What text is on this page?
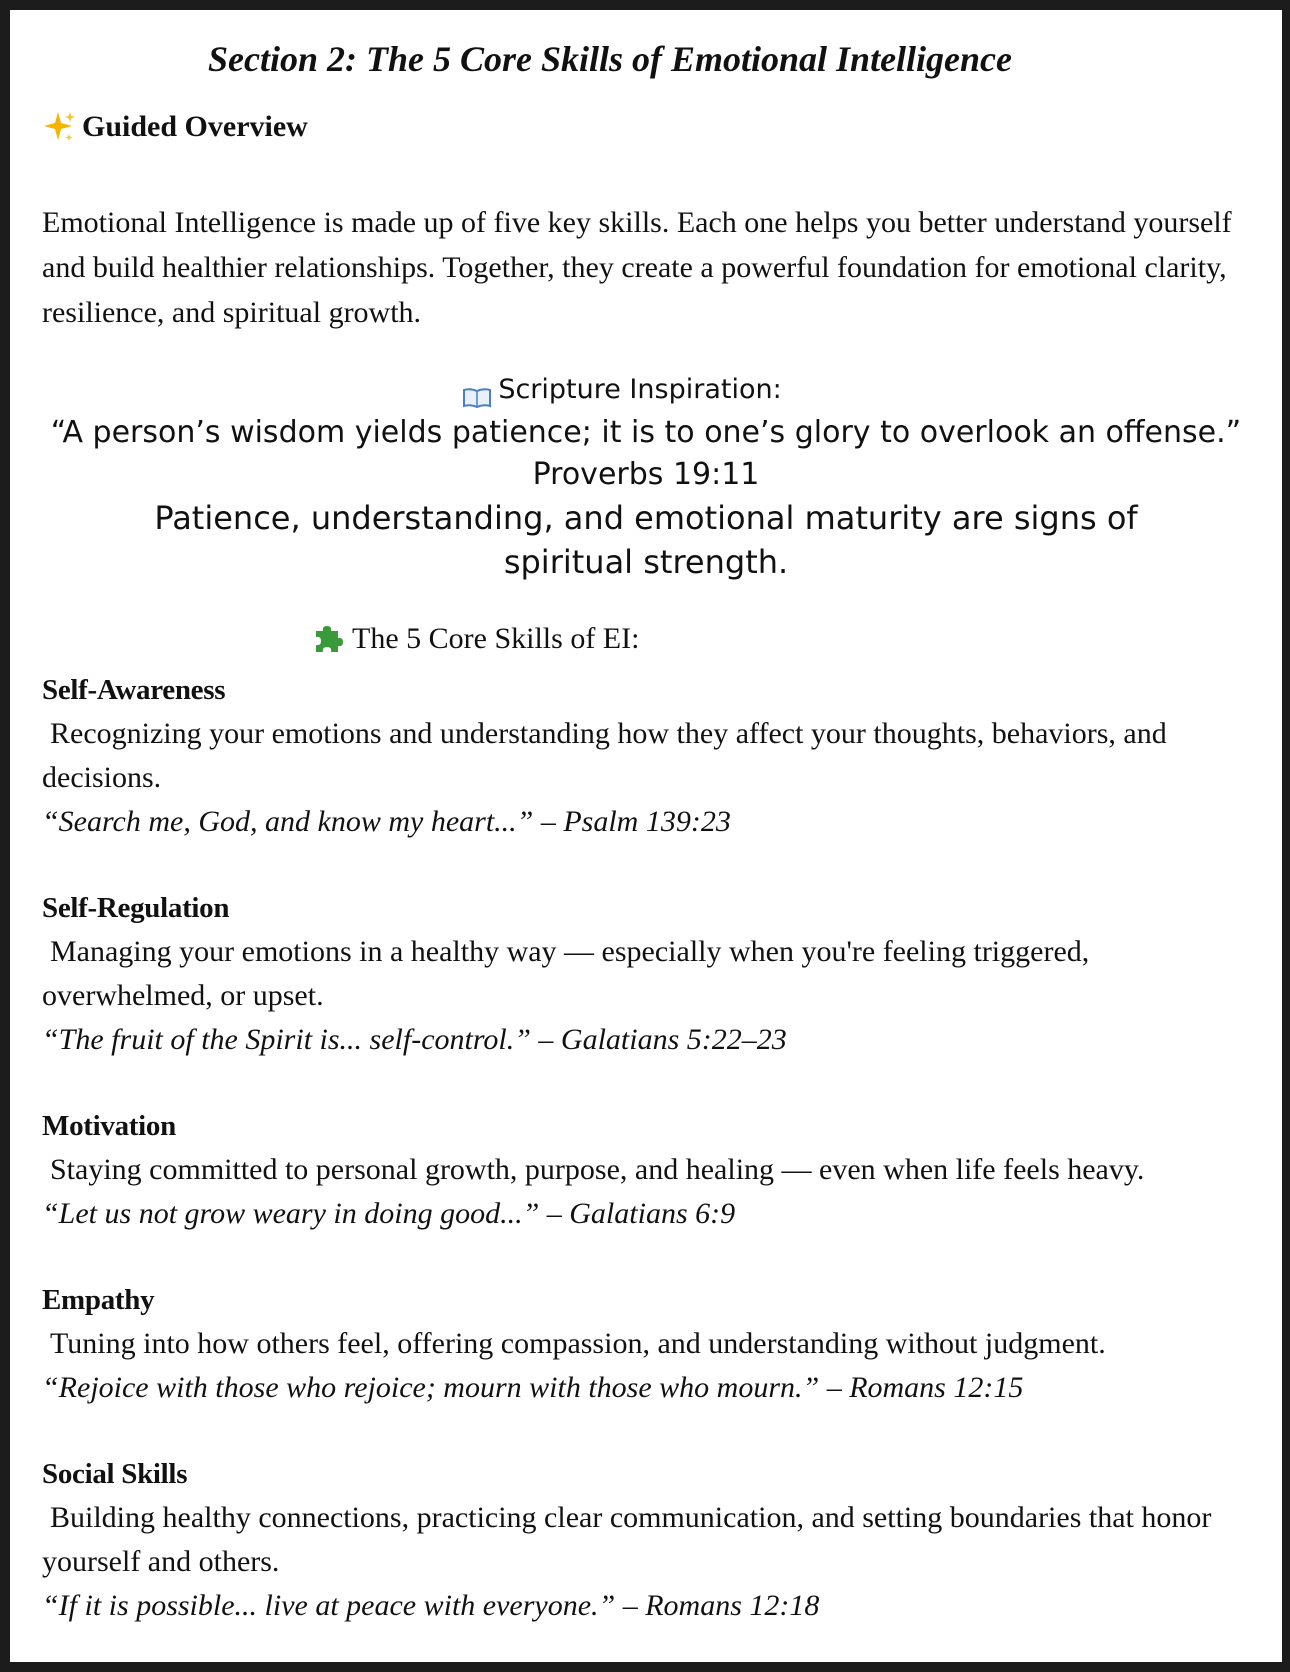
Section 2: The 5 Core Skills of Emotional Intelligence
Guided Overview

Emotional Intelligence is made up of five key skills. Each one helps you better understand yourself and build healthier relationships. Together, they create a powerful foundation for emotional clarity, resilience, and spiritual growth.

Scripture Inspiration:
“A person’s wisdom yields patience; it is to one’s glory to overlook an offense.”
Proverbs 19:11
Patience, understanding, and emotional maturity are signs of spiritual strength.
The 5 Core Skills of EI:
Self-Awareness
Recognizing your emotions and understanding how they affect your thoughts, behaviors, and decisions.
“Search me, God, and know my heart...” – Psalm 139:23
Self-Regulation
Managing your emotions in a healthy way — especially when you're feeling triggered, overwhelmed, or upset.
“The fruit of the Spirit is... self-control.” – Galatians 5:22–23
Motivation
Staying committed to personal growth, purpose, and healing — even when life feels heavy.
“Let us not grow weary in doing good...” – Galatians 6:9
Empathy
Tuning into how others feel, offering compassion, and understanding without judgment.
“Rejoice with those who rejoice; mourn with those who mourn.” – Romans 12:15
Social Skills
Building healthy connections, practicing clear communication, and setting boundaries that honor yourself and others.
“If it is possible... live at peace with everyone.” – Romans 12:18
